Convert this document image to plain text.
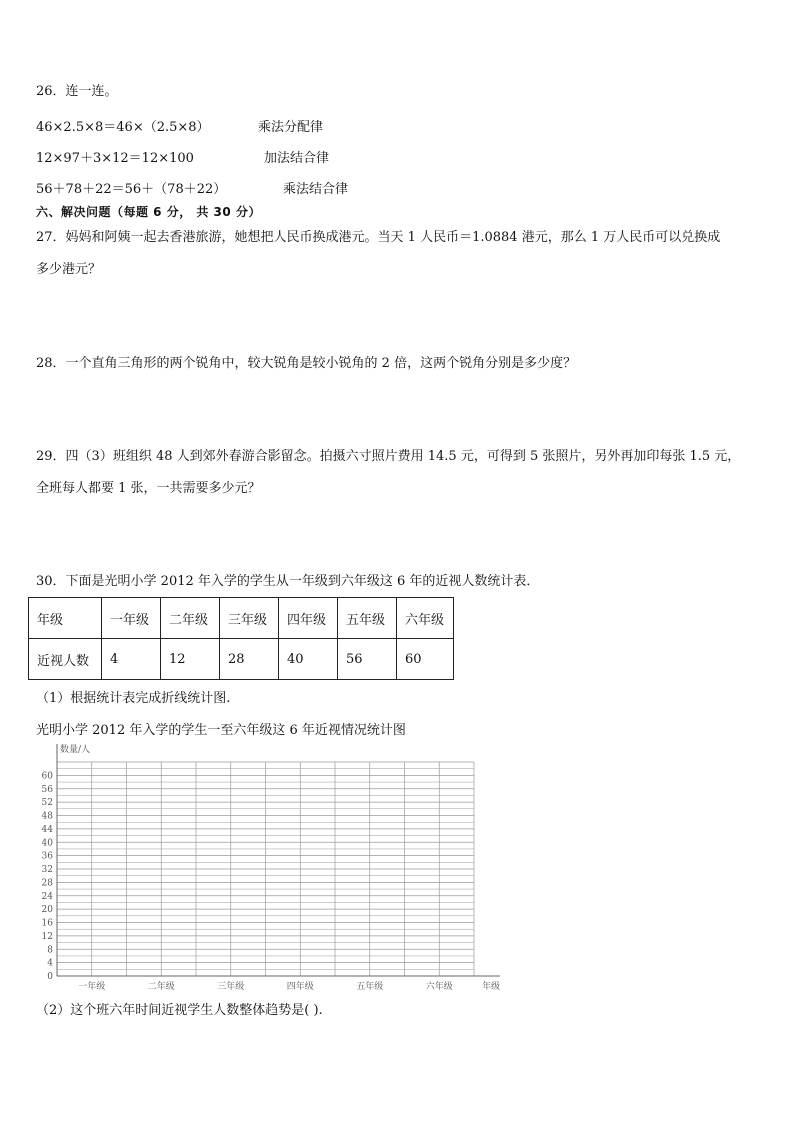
26．连一连。
46×2.5×8＝46×（2.5×8）	乘法分配律
12×97＋3×12＝12×100	加法结合律
56＋78＋22＝56＋（78＋22）	乘法结合律
六、解决问题（每题 6 分， 共 30 分）
27．妈妈和阿姨一起去香港旅游，她想把人民币换成港元。当天 1 人民币＝1.0884 港元，那么 1 万人民币可以兑换成
多少港元？
28．一个直角三角形的两个锐角中，较大锐角是较小锐角的 2 倍，这两个锐角分别是多少度？
29．四（3）班组织 48 人到郊外春游合影留念。拍摄六寸照片费用 14.5 元，可得到 5 张照片，另外再加印每张 1.5 元，
全班每人都要 1 张，一共需要多少元？
30．下面是光明小学 2012 年入学的学生从一年级到六年级这 6 年的近视人数统计表．
年级	一年级	二年级	三年级	四年级	五年级	六年级
近视人数	4	12	28	40	56	60
（1）根据统计表完成折线统计图.
光明小学 2012 年入学的学生一至六年级这 6 年近视情况统计图
数量/人
0
4
8
12
16
20
24
28
32
36
40
44
48
52
56
60
一年级	二年级	三年级	四年级	五年级	六年级	年级
（2）这个班六年时间近视学生人数整体趋势是( ).
